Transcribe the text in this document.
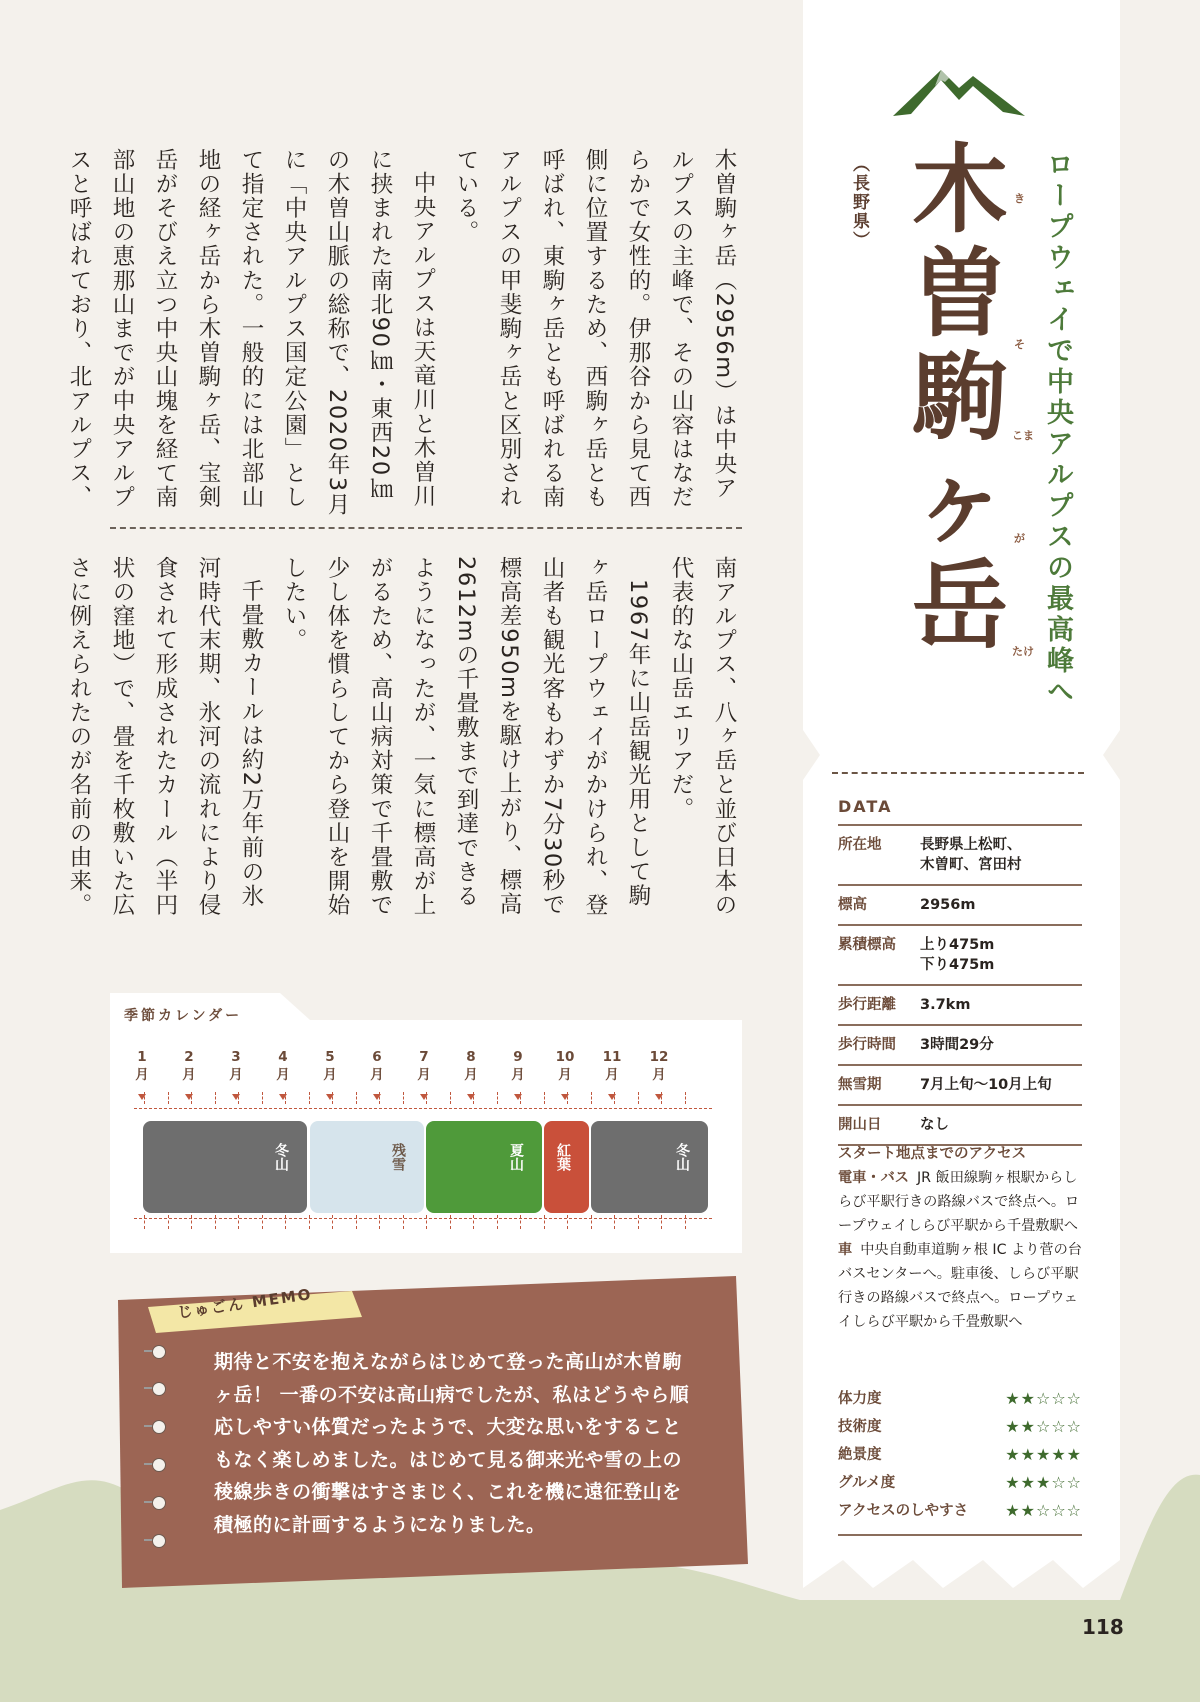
木曽駒ヶ岳（2956m）は中央アルプスの主峰で、その山容はなだらかで女性的。伊那谷から見て西側に位置するため、西駒ヶ岳とも呼ばれ、東駒ヶ岳とも呼ばれる南アルプスの甲斐駒ヶ岳と区別されている。

中央アルプスは天竜川と木曽川に挟まれた南北90㎞・東西20㎞の木曽山脈の総称で、2020年3月に「中央アルプス国定公園」として指定された。一般的には北部山地の経ヶ岳から木曽駒ヶ岳、宝剣岳がそびえ立つ中央山塊を経て南部山地の恵那山までが中央アルプスと呼ばれており、北アルプス、

南アルプス、八ヶ岳と並び日本の代表的な山岳エリアだ。

1967年に山岳観光用として駒ヶ岳ロープウェイがかけられ、登山者も観光客もわずか7分30秒で標高差950mを駆け上がり、標高2612mの千畳敷まで到達できるようになったが、一気に標高が上がるため、高山病対策で千畳敷で少し体を慣らしてから登山を開始したい。

千畳敷カールは約2万年前の氷河時代末期、氷河の流れにより侵食されて形成されたカール（半円状の窪地）で、畳を千枚敷いた広さに例えられたのが名前の由来。

（長野県） 木
曽
駒
ヶ
岳
き
そ
こま
が
たけ ロープウェイで中央アルプスの最高峰へ
DATA
所在地	長野県上松町、
木曽町、宮田村
標高	2956m
累積標高	上り475m
下り475m
歩行距離	3.7km
歩行時間	3時間29分
無雪期	7月上旬～10月上旬
開山日	なし
スタート地点までのアクセス
電車・バス JR 飯田線駒ヶ根駅からしらび平駅行きの路線バスで終点へ。ロープウェイしらび平駅から千畳敷駅へ
車 中央自動車道駒ヶ根 IC より菅の台バスセンターへ。駐車後、しらび平駅行きの路線バスで終点へ。ロープウェイしらび平駅から千畳敷駅へ
体力度	★★☆☆☆
技術度	★★☆☆☆
絶景度	★★★★★
グルメ度	★★★☆☆
アクセスのしやすさ ★★☆☆☆
118
季節カレンダー
1
月
2
月
3
月
4
月
5
月
6
月
7
月
8
月
9
月
10
月
11
月
12
月
冬山	残雪	夏山 紅葉	冬山
じゅごん MEMO
期待と不安を抱えながらはじめて登った高山が木曽駒ヶ岳！ 一番の不安は高山病でしたが、私はどうやら順応しやすい体質だったようで、大変な思いをすることもなく楽しめました。はじめて見る御来光や雪の上の稜線歩きの衝撃はすさまじく、これを機に遠征登山を積極的に計画するようになりました。
